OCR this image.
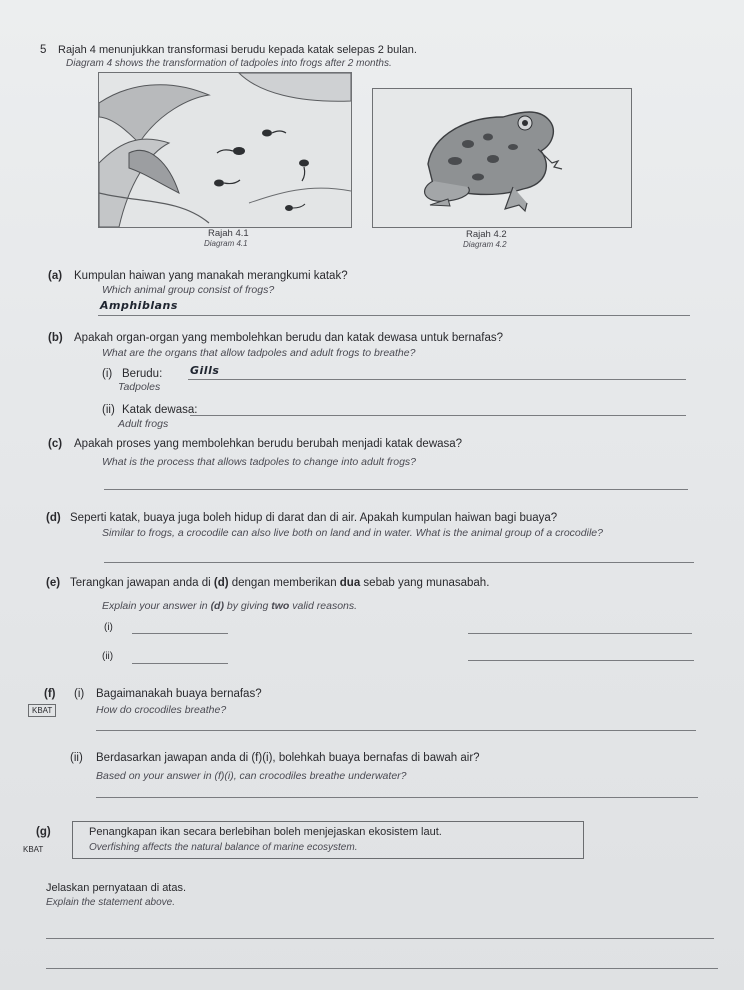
5 Rajah 4 menunjukkan transformasi berudu kepada katak selepas 2 bulan.
Diagram 4 shows the transformation of tadpoles into frogs after 2 months.
Rajah 4.1
Diagram 4.1
Rajah 4.2
Diagram 4.2
(a) Kumpulan haiwan yang manakah merangkumi katak?
Which animal group consist of frogs?
Amphiblans
(b) Apakah organ-organ yang membolehkan berudu dan katak dewasa untuk bernafas?
What are the organs that allow tadpoles and adult frogs to breathe?
(i) Berudu:
Tadpoles
Gills
(ii) Katak dewasa:
Adult frogs
(c) Apakah proses yang membolehkan berudu berubah menjadi katak dewasa?
What is the process that allows tadpoles to change into adult frogs?
(d) Seperti katak, buaya juga boleh hidup di darat dan di air. Apakah kumpulan haiwan bagi buaya?
Similar to frogs, a crocodile can also live both on land and in water. What is the animal group of a crocodile?
(e) Terangkan jawapan anda di (d) dengan memberikan dua sebab yang munasabah.
Explain your answer in (d) by giving two valid reasons.
(i)
(ii)
(f)
KBAT
(i) Bagaimanakah buaya bernafas?
How do crocodiles breathe?
(ii) Berdasarkan jawapan anda di (f)(i), bolehkah buaya bernafas di bawah air?
Based on your answer in (f)(i), can crocodiles breathe underwater?
(g)
KBAT
Penangkapan ikan secara berlebihan boleh menjejaskan ekosistem laut.
Overfishing affects the natural balance of marine ecosystem.
Jelaskan pernyataan di atas.
Explain the statement above.
